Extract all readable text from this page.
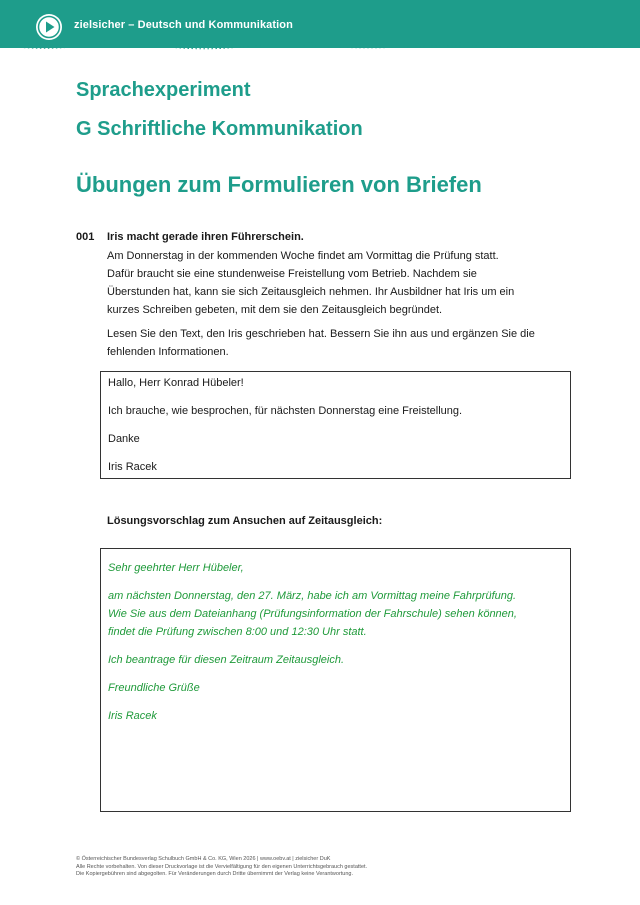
zielsicher – Deutsch und Kommunikation
Sprachexperiment
G Schriftliche Kommunikation
Übungen zum Formulieren von Briefen
001 Iris macht gerade ihren Führerschein.

Am Donnerstag in der kommenden Woche findet am Vormittag die Prüfung statt.

Dafür braucht sie eine stundenweise Freistellung vom Betrieb. Nachdem sie

Überstunden hat, kann sie sich Zeitausgleich nehmen. Ihr Ausbildner hat Iris um ein

kurzes Schreiben gebeten, mit dem sie den Zeitausgleich begründet.

Lesen Sie den Text, den Iris geschrieben hat. Bessern Sie ihn aus und ergänzen Sie die

fehlenden Informationen.

Hallo, Herr Konrad Hübeler!

Ich brauche, wie besprochen, für nächsten Donnerstag eine Freistellung.

Danke

Iris Racek

Lösungsvorschlag zum Ansuchen auf Zeitausgleich:

Sehr geehrter Herr Hübeler,

am nächsten Donnerstag, den 27. März, habe ich am Vormittag meine Fahrprüfung.

Wie Sie aus dem Dateianhang (Prüfungsinformation der Fahrschule) sehen können,

findet die Prüfung zwischen 8:00 und 12:30 Uhr statt.

Ich beantrage für diesen Zeitraum Zeitausgleich.

Freundliche Grüße

Iris Racek

© Österreichischer Bundesverlag Schulbuch GmbH & Co. KG, Wien 2026 | www.oebv.at | zielsicher DuK
Alle Rechte vorbehalten. Von dieser Druckvorlage ist die Vervielfältigung für den eigenen Unterrichtsgebrauch gestattet.
Die Kopiergebühren sind abgegolten. Für Veränderungen durch Dritte übernimmt der Verlag keine Verantwortung.
